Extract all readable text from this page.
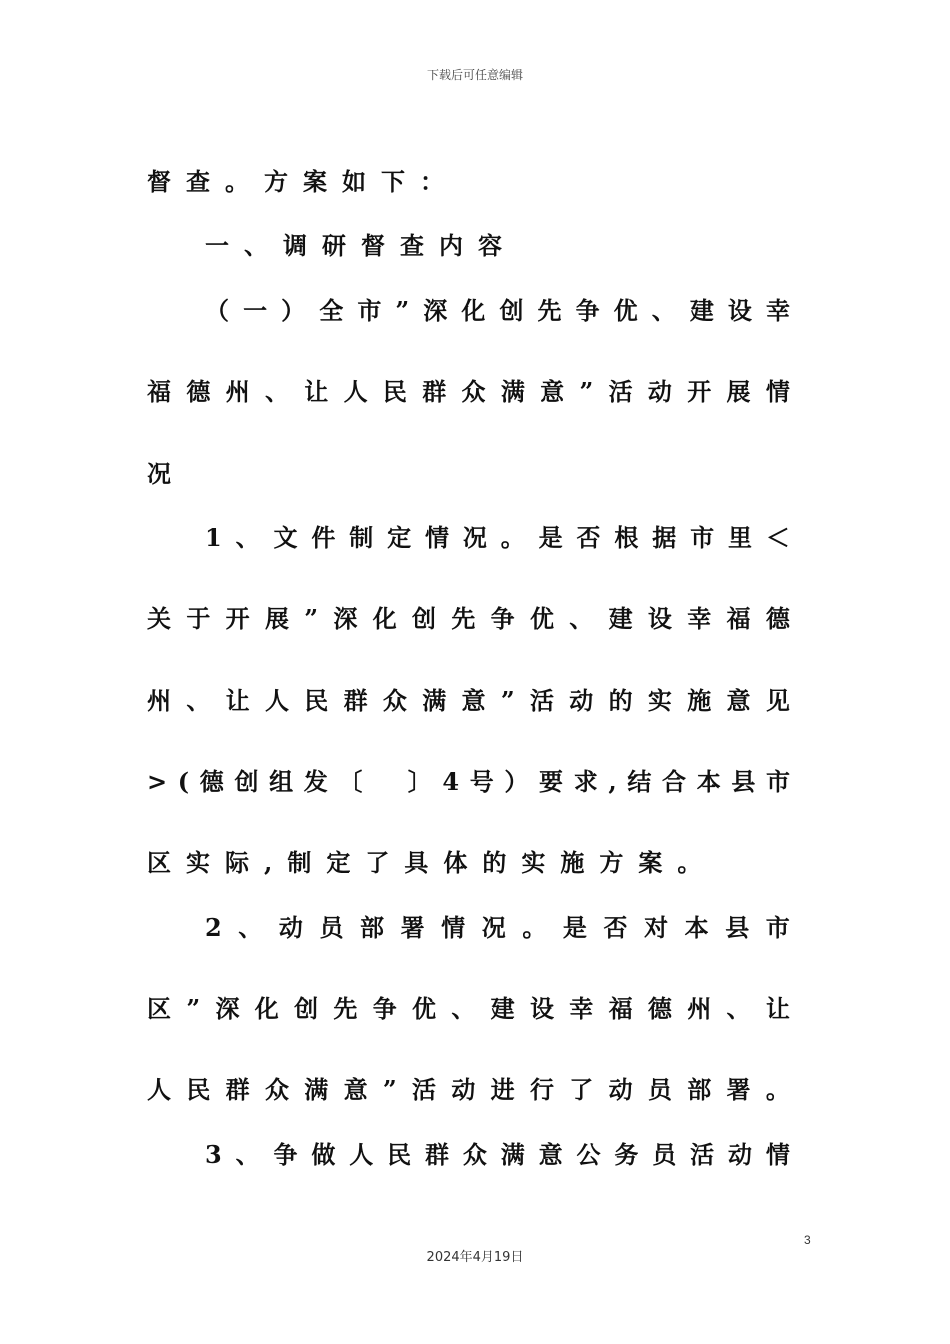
下载后可任意编辑
督 查 。 方 案 如 下 ：
一 、 调 研 督 查 内 容
（ 一 ） 全 市 ” 深 化 创 先 争 优 、 建 设 幸
福 德 州 、 让 人 民 群 众 满 意 ” 活 动 开 展 情
况
1 、 文 件 制 定 情 况 。 是 否 根 据 市 里 ＜
关 于 开 展 ” 深 化 创 先 争 优 、 建 设 幸 福 德
州 、 让 人 民 群 众 满 意 ” 活 动 的 实 施 意 见
> ( 德 创 组 发 〔
　 〕 4 号 ） 要 求 , 结 合 本 县 市
区 实 际 , 制 定 了 具 体 的 实 施 方 案 。
2 、 动 员 部 署 情 况 。 是 否 对 本 县 市
区 ” 深 化 创 先 争 优 、 建 设 幸 福 德 州 、 让
人 民 群 众 满 意 ” 活 动 进 行 了 动 员 部 署 。
3 、 争 做 人 民 群 众 满 意 公 务 员 活 动 情
3
2024年4月19日
